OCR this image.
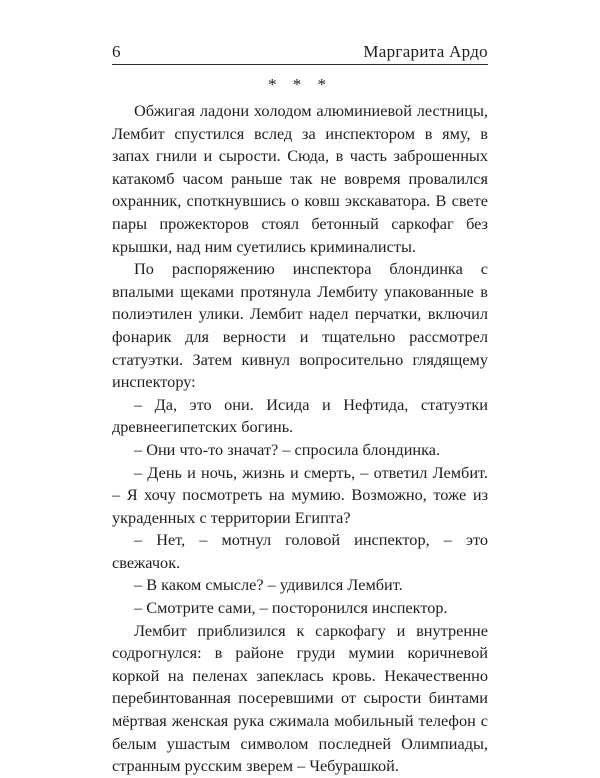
6	Маргарита Ардо
* * *

Обжигая ладони холодом алюминиевой лестницы, Лембит спустился вслед за инспектором в яму, в запах гнили и сырости. Сюда, в часть заброшенных катакомб часом раньше так не вовремя провалился охранник, споткнувшись о ковш экскаватора. В свете пары прожекторов стоял бетонный саркофаг без крышки, над ним суетились криминалисты.

По распоряжению инспектора блондинка с впалыми щеками протянула Лембиту упакованные в полиэтилен улики. Лембит надел перчатки, включил фонарик для верности и тщательно рассмотрел статуэтки. Затем кивнул вопросительно глядящему инспектору:

– Да, это они. Исида и Нефтида, статуэтки древнеегипетских богинь.

– Они что-то значат? – спросила блондинка.

– День и ночь, жизнь и смерть, – ответил Лембит. – Я хочу посмотреть на мумию. Возможно, тоже из украденных с территории Египта?

– Нет, – мотнул головой инспектор, – это свежачок.

– В каком смысле? – удивился Лембит.

– Смотрите сами, – посторонился инспектор.

Лембит приблизился к саркофагу и внутренне содрогнулся: в районе груди мумии коричневой коркой на пеленах запеклась кровь. Некачественно перебинтованная посеревшими от сырости бинтами мёртвая женская рука сжимала мобильный телефон с белым ушастым символом последней Олимпиады, странным русским зверем – Чебурашкой.
